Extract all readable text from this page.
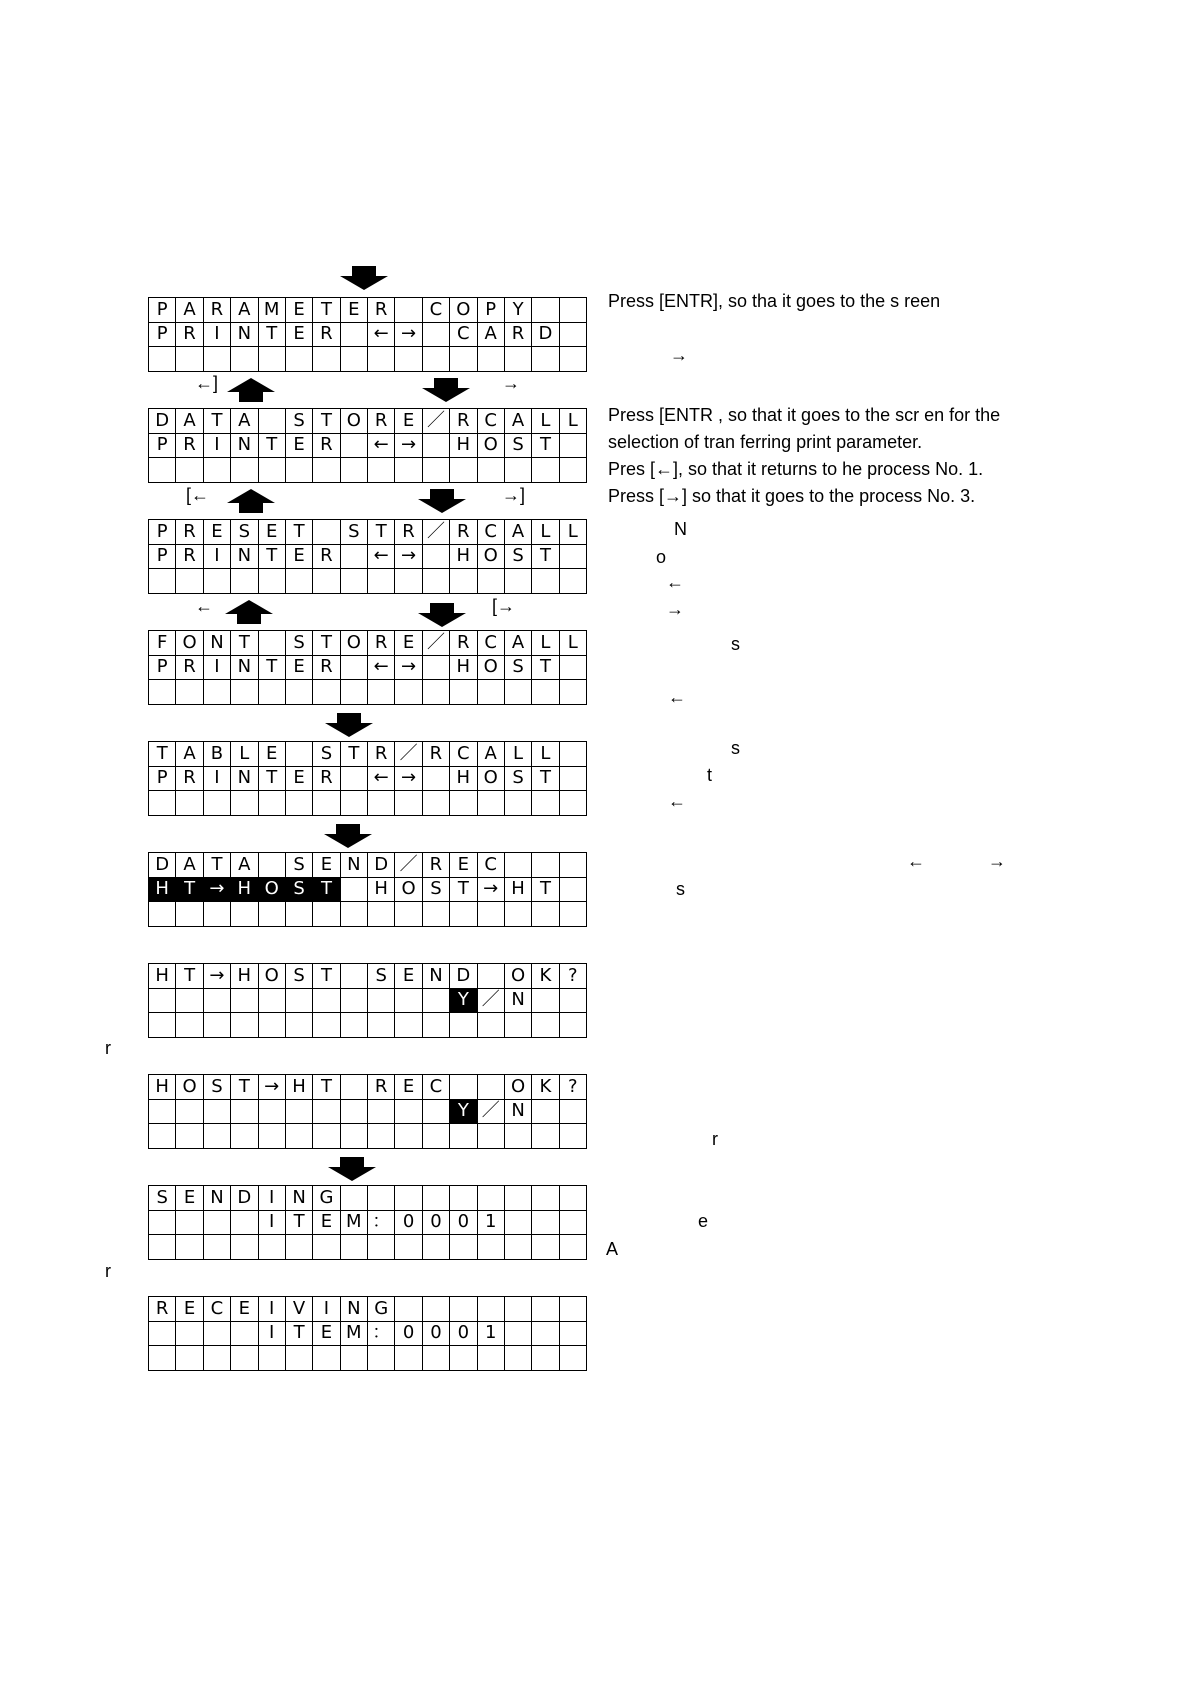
P A R A M E T E R	C O P Y
P R	I N T E R	← →	C A R D
D A T A	S T O R E ／ R C A L L
P R	I N T E R	← →	H O S T
P R E S E T	S T R ／ R C A L L
P R	I N T E R	← →	H O S T
F O N T	S T O R E ／ R C A L L
P R	I N T E R	← →	H O S T
T A B L E	S T R ／ R C A L L
P R	I N T E R	← →	H O S T
D A T A	S E N D ／ R E C
H T → H O S T	H O S T → H T
H T → H O S T	S E N D	O K ?
Y ／ N
H O S T → H T	R E C	O K ?
Y ／ N
S E N D I N G
I	T E M ： 0 0 0 1
R E C E	I	V	I N G
I	T E M ： 0 0 0 1
←]	→
[←	→]
←	[→
Press [ENTR], so tha it goes to the s reen
→
Press [ENTR , so that it goes to the scr en for the
selection of tran ferring print parameter.
Pres [←], so that it returns to he process No. 1.
Press [→] so that it goes to the process No. 3.
N
o
←
→
s
←
s
t
←
←	→
s
r
r
e
A
r
